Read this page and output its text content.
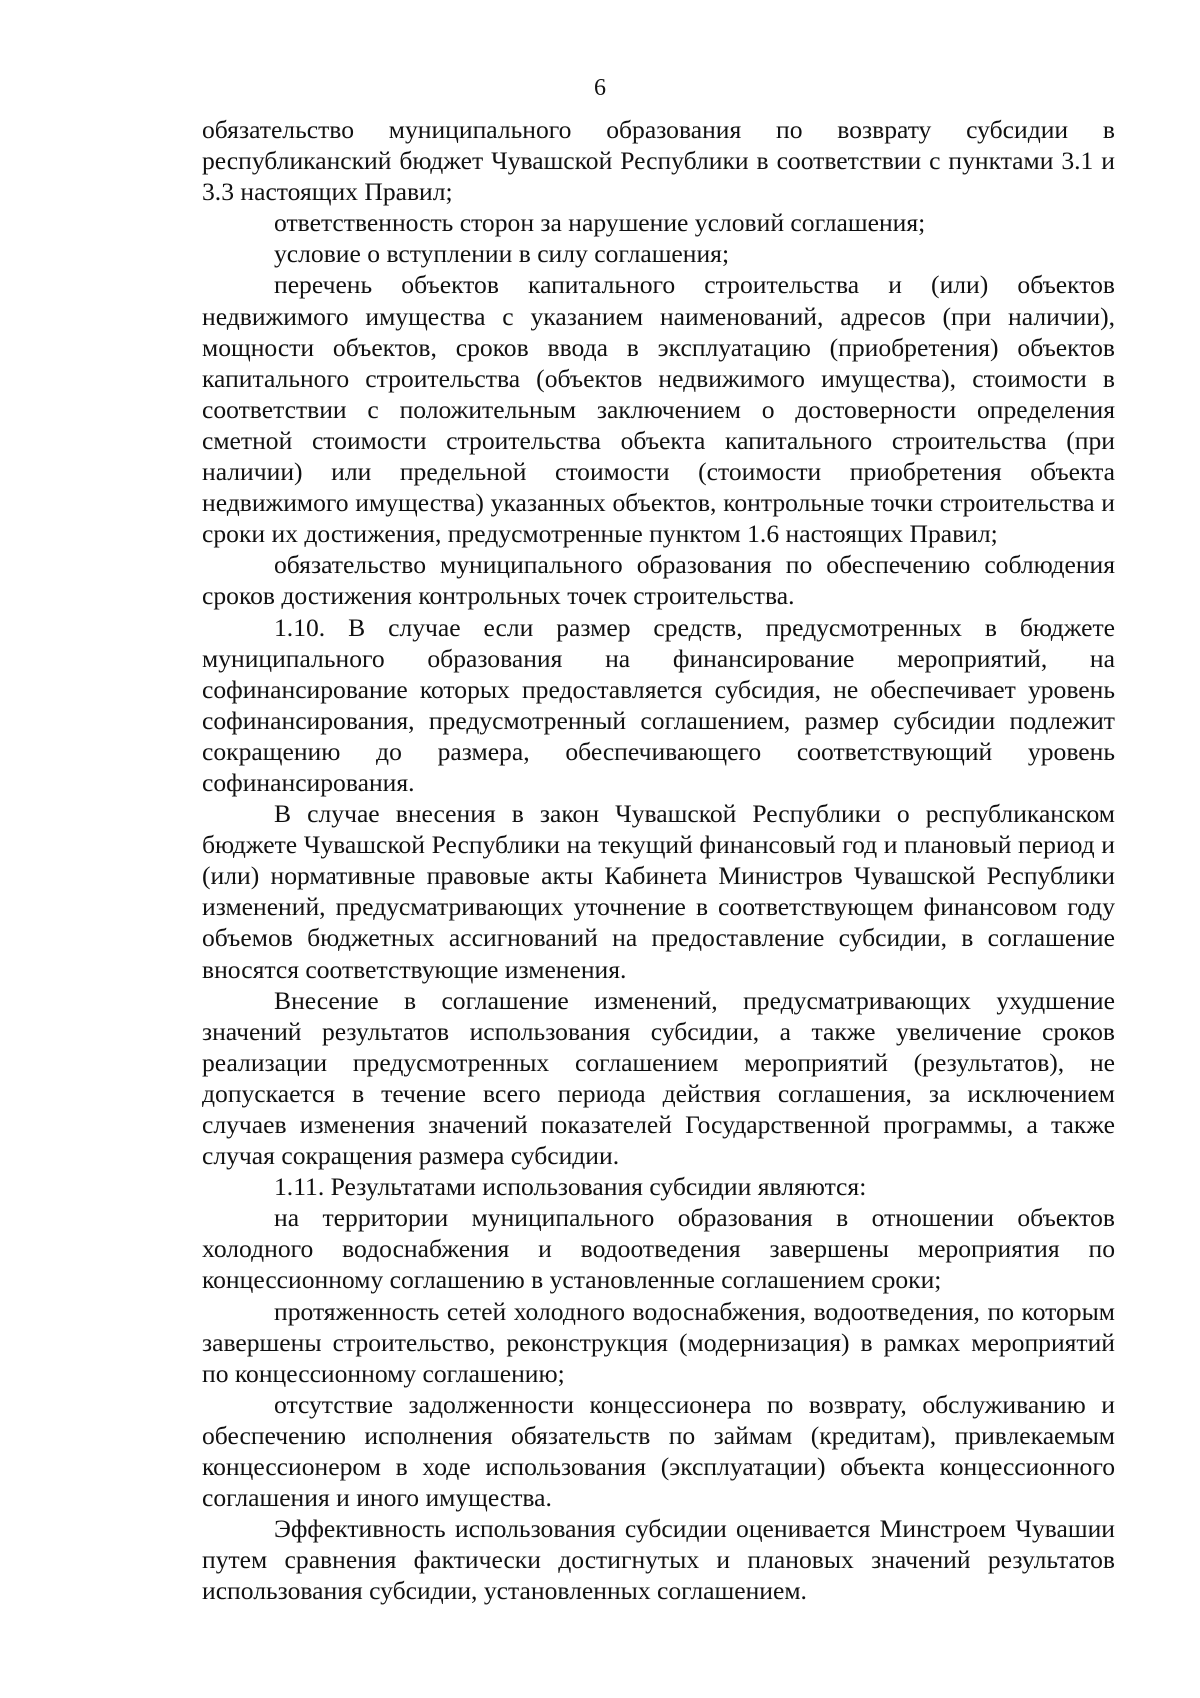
6

обязательство муниципального образования по возврату субсидии в республиканский бюджет Чувашской Республики в соответствии с пунктами 3.1 и 3.3 настоящих Правил;

ответственность сторон за нарушение условий соглашения;

условие о вступлении в силу соглашения;

перечень объектов капитального строительства и (или) объектов недвижимого имущества с указанием наименований, адресов (при наличии), мощности объектов, сроков ввода в эксплуатацию (приобретения) объектов капитального строительства (объектов недвижимого имущества), стоимости в соответствии с положительным заключением о достоверности определения сметной стоимости строительства объекта капитального строительства (при наличии) или предельной стоимости (стоимости приобретения объекта недвижимого имущества) указанных объектов, контрольные точки строительства и сроки их достижения, предусмотренные пунктом 1.6 настоящих Правил;

обязательство муниципального образования по обеспечению соблюдения сроков достижения контрольных точек строительства.

1.10. В случае если размер средств, предусмотренных в бюджете муниципального образования на финансирование мероприятий, на софинансирование которых предоставляется субсидия, не обеспечивает уровень софинансирования, предусмотренный соглашением, размер субсидии подлежит сокращению до размера, обеспечивающего соответствующий уровень софинансирования.

В случае внесения в закон Чувашской Республики о республиканском бюджете Чувашской Республики на текущий финансовый год и плановый период и (или) нормативные правовые акты Кабинета Министров Чувашской Республики изменений, предусматривающих уточнение в соответствующем финансовом году объемов бюджетных ассигнований на предоставление субсидии, в соглашение вносятся соответствующие изменения.

Внесение в соглашение изменений, предусматривающих ухудшение значений результатов использования субсидии, а также увеличение сроков реализации предусмотренных соглашением мероприятий (результатов), не допускается в течение всего периода действия соглашения, за исключением случаев изменения значений показателей Государственной программы, а также случая сокращения размера субсидии.

1.11. Результатами использования субсидии являются:

на территории муниципального образования в отношении объектов холодного водоснабжения и водоотведения завершены мероприятия по концессионному соглашению в установленные соглашением сроки;

протяженность сетей холодного водоснабжения, водоотведения, по которым завершены строительство, реконструкция (модернизация) в рамках мероприятий по концессионному соглашению;

отсутствие задолженности концессионера по возврату, обслуживанию и обеспечению исполнения обязательств по займам (кредитам), привлекаемым концессионером в ходе использования (эксплуатации) объекта концессионного соглашения и иного имущества.

Эффективность использования субсидии оценивается Минстроем Чувашии путем сравнения фактически достигнутых и плановых значений результатов использования субсидии, установленных соглашением.
